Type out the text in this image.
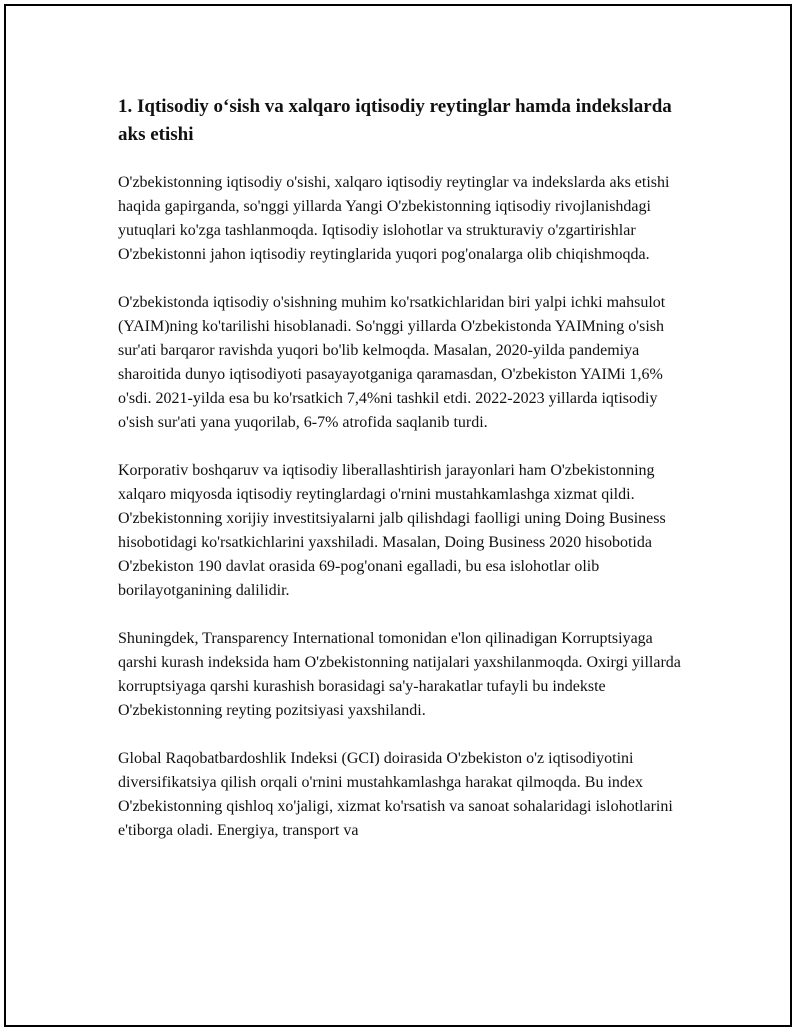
1. Iqtisodiy o‘sish va xalqaro iqtisodiy reytinglar hamda indekslarda aks etishi

O'zbekistonning iqtisodiy o'sishi, xalqaro iqtisodiy reytinglar va indekslarda aks etishi haqida gapirganda, so'nggi yillarda Yangi O'zbekistonning iqtisodiy rivojlanishdagi yutuqlari ko'zga tashlanmoqda. Iqtisodiy islohotlar va strukturaviy o'zgartirishlar O'zbekistonni jahon iqtisodiy reytinglarida yuqori pog'onalarga olib chiqishmoqda.

O'zbekistonda iqtisodiy o'sishning muhim ko'rsatkichlaridan biri yalpi ichki mahsulot (YAIM)ning ko'tarilishi hisoblanadi. So'nggi yillarda O'zbekistonda YAIMning o'sish sur'ati barqaror ravishda yuqori bo'lib kelmoqda. Masalan, 2020-yilda pandemiya sharoitida dunyo iqtisodiyoti pasayayotganiga qaramasdan, O'zbekiston YAIMi 1,6% o'sdi. 2021-yilda esa bu ko'rsatkich 7,4%ni tashkil etdi. 2022-2023 yillarda iqtisodiy o'sish sur'ati yana yuqorilab, 6-7% atrofida saqlanib turdi.

Korporativ boshqaruv va iqtisodiy liberallashtirish jarayonlari ham O'zbekistonning xalqaro miqyosda iqtisodiy reytinglardagi o'rnini mustahkamlashga xizmat qildi. O'zbekistonning xorijiy investitsiyalarni jalb qilishdagi faolligi uning Doing Business hisobotidagi ko'rsatkichlarini yaxshiladi. Masalan, Doing Business 2020 hisobotida O'zbekiston 190 davlat orasida 69-pog'onani egalladi, bu esa islohotlar olib borilayotganining dalilidir.

Shuningdek, Transparency International tomonidan e'lon qilinadigan Korruptsiyaga qarshi kurash indeksida ham O'zbekistonning natijalari yaxshilanmoqda. Oxirgi yillarda korruptsiyaga qarshi kurashish borasidagi sa'y-harakatlar tufayli bu indekste O'zbekistonning reyting pozitsiyasi yaxshilandi.

Global Raqobatbardoshlik Indeksi (GCI) doirasida O'zbekiston o'z iqtisodiyotini diversifikatsiya qilish orqali o'rnini mustahkamlashga harakat qilmoqda. Bu index O'zbekistonning qishloq xo'jaligi, xizmat ko'rsatish va sanoat sohalaridagi islohotlarini e'tiborga oladi. Energiya, transport va
